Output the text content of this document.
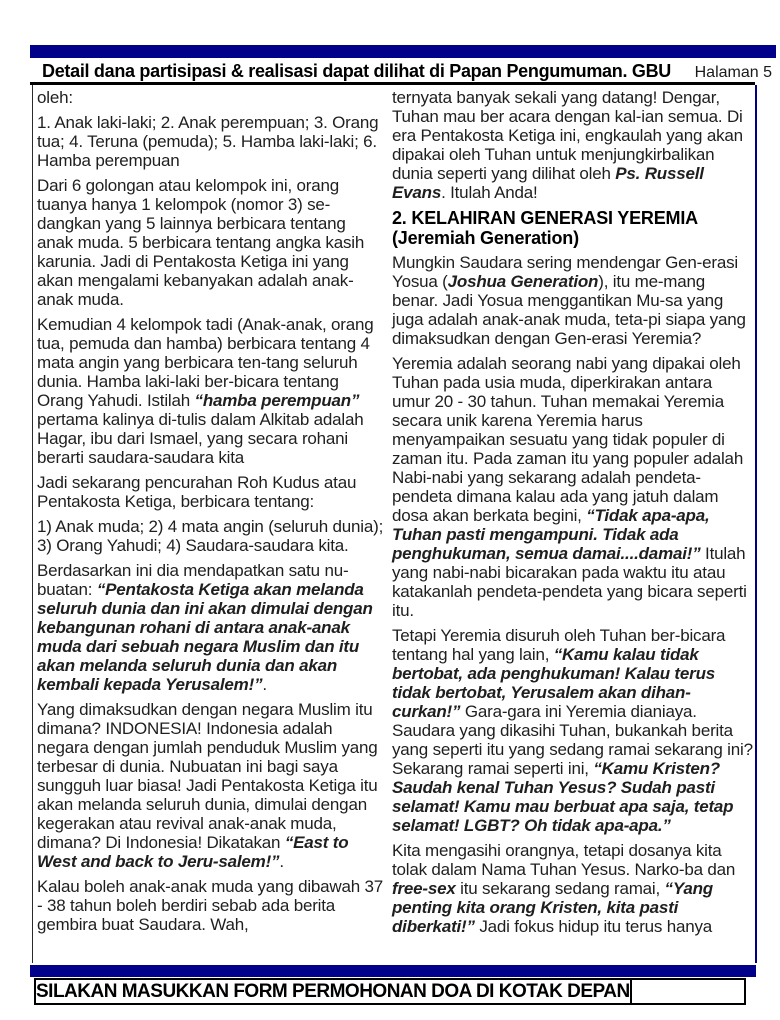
Detail dana partisipasi & realisasi dapat dilihat di Papan Pengumuman. GBU Halaman 5

oleh:

1. Anak laki-laki; 2. Anak perempuan; 3. Orang tua; 4. Teruna (pemuda); 5. Hamba laki-laki; 6. Hamba perempuan

Dari 6 golongan atau kelompok ini, orang tuanya hanya 1 kelompok (nomor 3) se-dangkan yang 5 lainnya berbicara tentang anak muda. 5 berbicara tentang angka kasih karunia. Jadi di Pentakosta Ketiga ini yang akan mengalami kebanyakan adalah anak-anak muda.

Kemudian 4 kelompok tadi (Anak-anak, orang tua, pemuda dan hamba) berbicara tentang 4 mata angin yang berbicara ten-tang seluruh dunia. Hamba laki-laki ber-bicara tentang Orang Yahudi. Istilah “hamba perempuan” pertama kalinya di-tulis dalam Alkitab adalah Hagar, ibu dari Ismael, yang secara rohani berarti saudara-saudara kita

Jadi sekarang pencurahan Roh Kudus atau Pentakosta Ketiga, berbicara tentang:

1) Anak muda; 2) 4 mata angin (seluruh dunia); 3) Orang Yahudi; 4) Saudara-saudara kita.

Berdasarkan ini dia mendapatkan satu nu-buatan: “Pentakosta Ketiga akan melanda seluruh dunia dan ini akan dimulai dengan kebangunan rohani di antara anak-anak muda dari sebuah negara Muslim dan itu akan melanda seluruh dunia dan akan kembali kepada Yerusalem!”.

Yang dimaksudkan dengan negara Muslim itu dimana? INDONESIA! Indonesia adalah negara dengan jumlah penduduk Muslim yang terbesar di dunia. Nubuatan ini bagi saya sungguh luar biasa! Jadi Pentakosta Ketiga itu akan melanda seluruh dunia, dimulai dengan kegerakan atau revival anak-anak muda, dimana? Di Indonesia! Dikatakan “East to West and back to Jeru-salem!”.

Kalau boleh anak-anak muda yang dibawah 37 - 38 tahun boleh berdiri sebab ada berita gembira buat Saudara. Wah,

ternyata banyak sekali yang datang! Dengar, Tuhan mau ber acara dengan kal-ian semua. Di era Pentakosta Ketiga ini, engkaulah yang akan dipakai oleh Tuhan untuk menjungkirbalikan dunia seperti yang dilihat oleh Ps. Russell Evans. Itulah Anda!

2. KELAHIRAN GENERASI YEREMIA (Jeremiah Generation)

Mungkin Saudara sering mendengar Gen-erasi Yosua (Joshua Generation), itu me-mang benar. Jadi Yosua menggantikan Mu-sa yang juga adalah anak-anak muda, teta-pi siapa yang dimaksudkan dengan Gen-erasi Yeremia?

Yeremia adalah seorang nabi yang dipakai oleh Tuhan pada usia muda, diperkirakan antara umur 20 - 30 tahun. Tuhan memakai Yeremia secara unik karena Yeremia harus menyampaikan sesuatu yang tidak populer di zaman itu. Pada zaman itu yang populer adalah Nabi-nabi yang sekarang adalah pendeta-pendeta dimana kalau ada yang jatuh dalam dosa akan berkata begini, “Tidak apa-apa, Tuhan pasti mengampuni. Tidak ada penghukuman, semua damai....damai!” Itulah yang nabi-nabi bicarakan pada waktu itu atau katakanlah pendeta-pendeta yang bicara seperti itu.

Tetapi Yeremia disuruh oleh Tuhan ber-bicara tentang hal yang lain, “Kamu kalau tidak bertobat, ada penghukuman! Kalau terus tidak bertobat, Yerusalem akan dihan-curkan!” Gara-gara ini Yeremia dianiaya. Saudara yang dikasihi Tuhan, bukankah berita yang seperti itu yang sedang ramai sekarang ini? Sekarang ramai seperti ini, “Kamu Kristen? Saudah kenal Tuhan Yesus? Sudah pasti selamat! Kamu mau berbuat apa saja, tetap selamat! LGBT? Oh tidak apa-apa.”

Kita mengasihi orangnya, tetapi dosanya kita tolak dalam Nama Tuhan Yesus. Narko-ba dan free-sex itu sekarang sedang ramai, “Yang penting kita orang Kristen, kita pasti diberkati!” Jadi fokus hidup itu terus hanya

SILAKAN MASUKKAN FORM PERMOHONAN DOA DI KOTAK DEPAN
